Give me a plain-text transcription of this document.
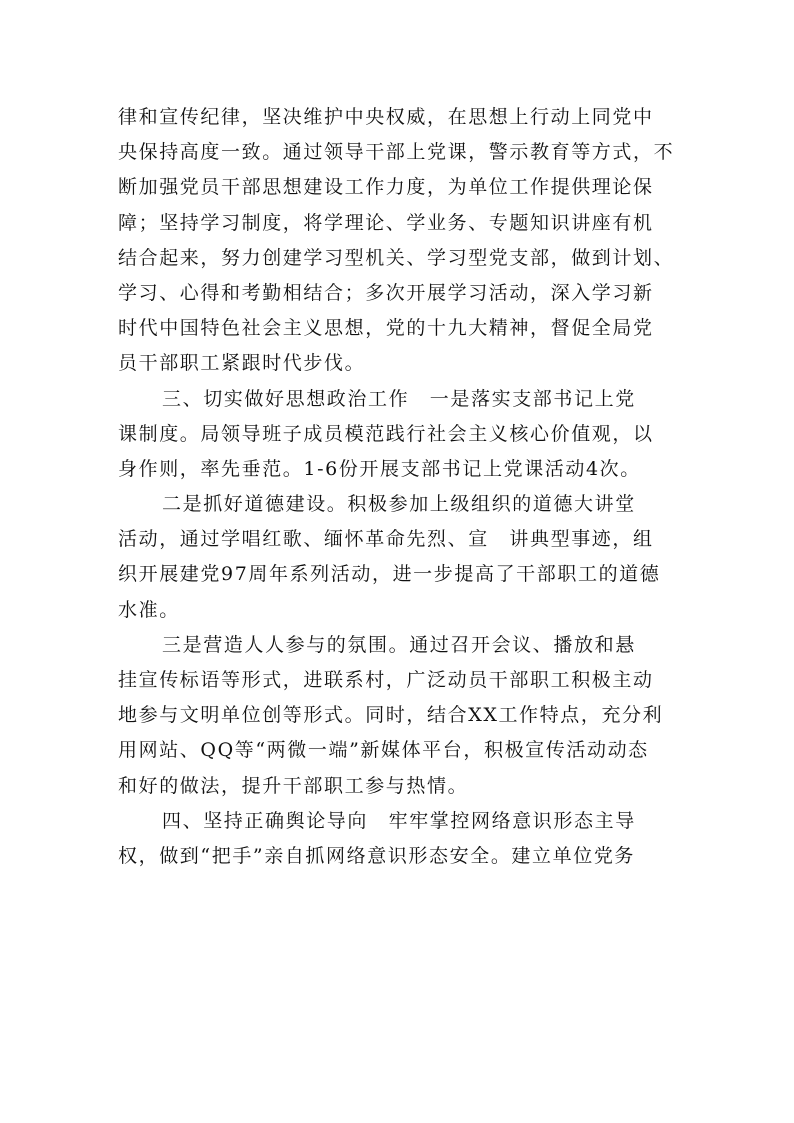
律和宣传纪律，坚决维护中央权威，在思想上行动上同党中
央保持高度一致。通过领导干部上党课，警示教育等方式，不
断加强党员干部思想建设工作力度，为单位工作提供理论保
障；坚持学习制度，将学理论、学业务、专题知识讲座有机
结合起来，努力创建学习型机关、学习型党支部，做到计划、
学习、心得和考勤相结合；多次开展学习活动，深入学习新
时代中国特色社会主义思想，党的十九大精神，督促全局党
员干部职工紧跟时代步伐。
三、切实做好思想政治工作　一是落实支部书记上党
课制度。局领导班子成员模范践行社会主义核心价值观，以
身作则，率先垂范。1-6份开展支部书记上党课活动4次。
二是抓好道德建设。积极参加上级组织的道德大讲堂
活动，通过学唱红歌、缅怀革命先烈、宣　讲典型事迹，组
织开展建党97周年系列活动，进一步提高了干部职工的道德
水准。
三是营造人人参与的氛围。通过召开会议、播放和悬
挂宣传标语等形式，进联系村，广泛动员干部职工积极主动
地参与文明单位创等形式。同时，结合XX工作特点，充分利
用网站、QQ等“两微一端”新媒体平台，积极宣传活动动态
和好的做法，提升干部职工参与热情。
四、坚持正确舆论导向　牢牢掌控网络意识形态主导
权，做到“把手”亲自抓网络意识形态安全。建立单位党务
